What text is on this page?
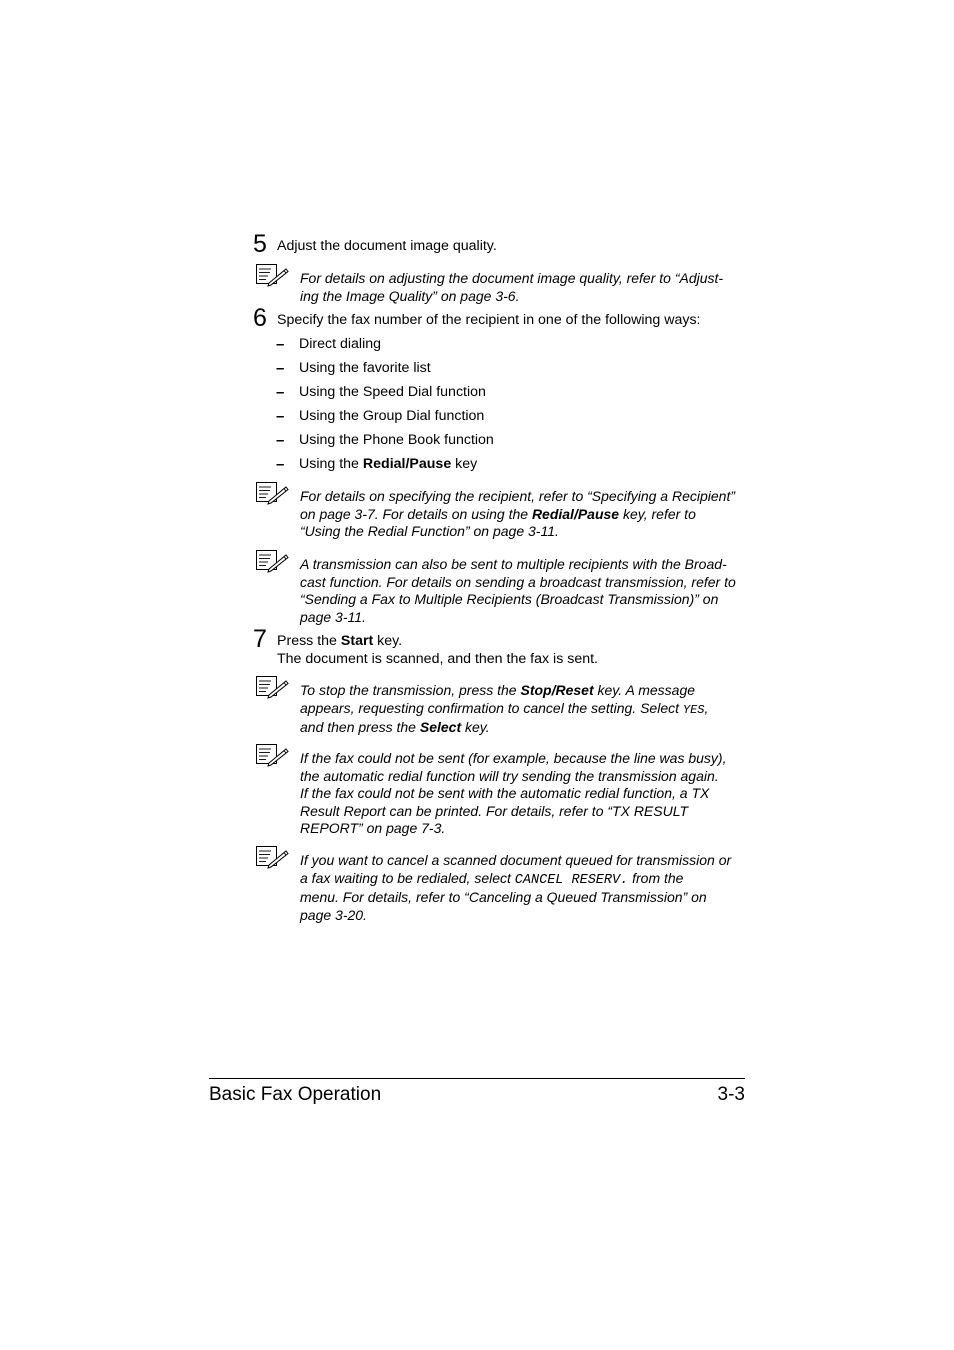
5 Adjust the document image quality.
For details on adjusting the document image quality, refer to “Adjust-
ing the Image Quality” on page 3-6.
6 Specify the fax number of the recipient in one of the following ways:
– Direct dialing
– Using the favorite list
– Using the Speed Dial function
– Using the Group Dial function
– Using the Phone Book function
– Using the Redial/Pause key
For details on specifying the recipient, refer to “Specifying a Recipient”
on page 3-7. For details on using the Redial/Pause key, refer to
“Using the Redial Function” on page 3-11.
A transmission can also be sent to multiple recipients with the Broad-
cast function. For details on sending a broadcast transmission, refer to
“Sending a Fax to Multiple Recipients (Broadcast Transmission)” on
page 3-11.
7 Press the Start key.
The document is scanned, and then the fax is sent.
To stop the transmission, press the Stop/Reset key. A message
appears, requesting confirmation to cancel the setting. Select YES,
and then press the Select key.
If the fax could not be sent (for example, because the line was busy),
the automatic redial function will try sending the transmission again.
If the fax could not be sent with the automatic redial function, a TX
Result Report can be printed. For details, refer to “TX RESULT
REPORT” on page 7-3.
If you want to cancel a scanned document queued for transmission or
a fax waiting to be redialed, select CANCEL RESERV. from the
menu. For details, refer to “Canceling a Queued Transmission” on
page 3-20.
Basic Fax Operation	3-3
